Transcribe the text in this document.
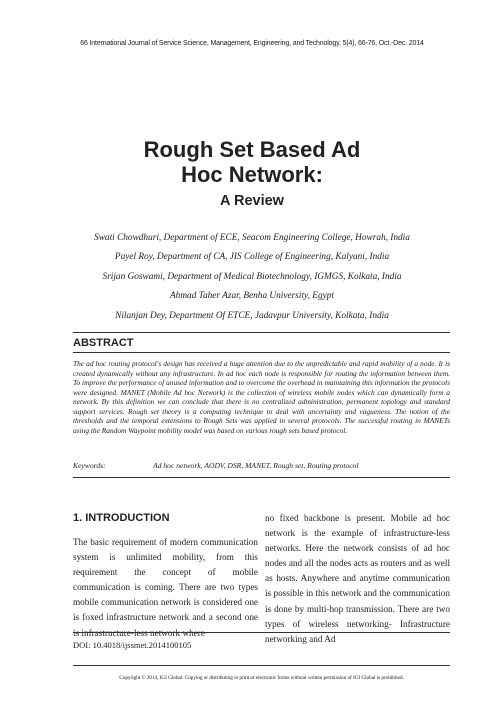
66 International Journal of Service Science, Management, Engineering, and Technology, 5(4), 66-76, Oct.-Dec. 2014
Rough Set Based Ad
Hoc Network:
A Review
Swati Chowdhuri, Department of ECE, Seacom Engineering College, Howrah, India
Payel Roy, Department of CA, JIS College of Engineering, Kalyani, India
Srijan Goswami, Department of Medical Biotechnology, IGMGS, Kolkata, India
Ahmad Taher Azar, Benha University, Egypt
Nilanjan Dey, Department Of ETCE, Jadavpur University, Kolkata, India
ABSTRACT

The ad hoc routing protocol's design has received a huge attention due to the unpredictable and rapid mobility of a node. It is created dynamically without any infrastructure. In ad hoc each node is responsible for routing the information between them. To improve the performance of unused information and to overcome the overhead in maintaining this information the protocols were designed. MANET (Mobile Ad hoc Network) is the collection of wireless mobile nodes which can dynamically form a network. By this definition we can conclude that there is no centralized administration, permanent topology and standard support services. Rough set theory is a computing technique to deal with uncertainty and vagueness. The notion of the thresholds and the temporal extensions to Rough Sets was applied in several protocols. The successful routing in MANETs using the Random Waypoint mobility model was based on various rough sets based protocol.

Keywords:	Ad hoc network, AODV, DSR, MANET, Rough set, Routing protocol
1. INTRODUCTION

The basic requirement of modern communication system is unlimited mobility, from this requirement the concept of mobile communication is coming. There are two types mobile communication network is considered one is foxed infrastructure network and a second one is infrastructure-less network where

no fixed backbone is present. Mobile ad hoc network is the example of infrastructure-less networks. Here the network consists of ad hoc nodes and all the nodes acts as routers and as well as hosts. Anywhere and anytime communication is possible in this network and the communication is done by multi-hop transmission. There are two types of wireless networking- Infrastructure networking and Ad

DOI: 10.4018/ijssmet.2014100105
Copyright © 2014, IGI Global. Copying or distributing in print or electronic forms without written permission of IGI Global is prohibited.
